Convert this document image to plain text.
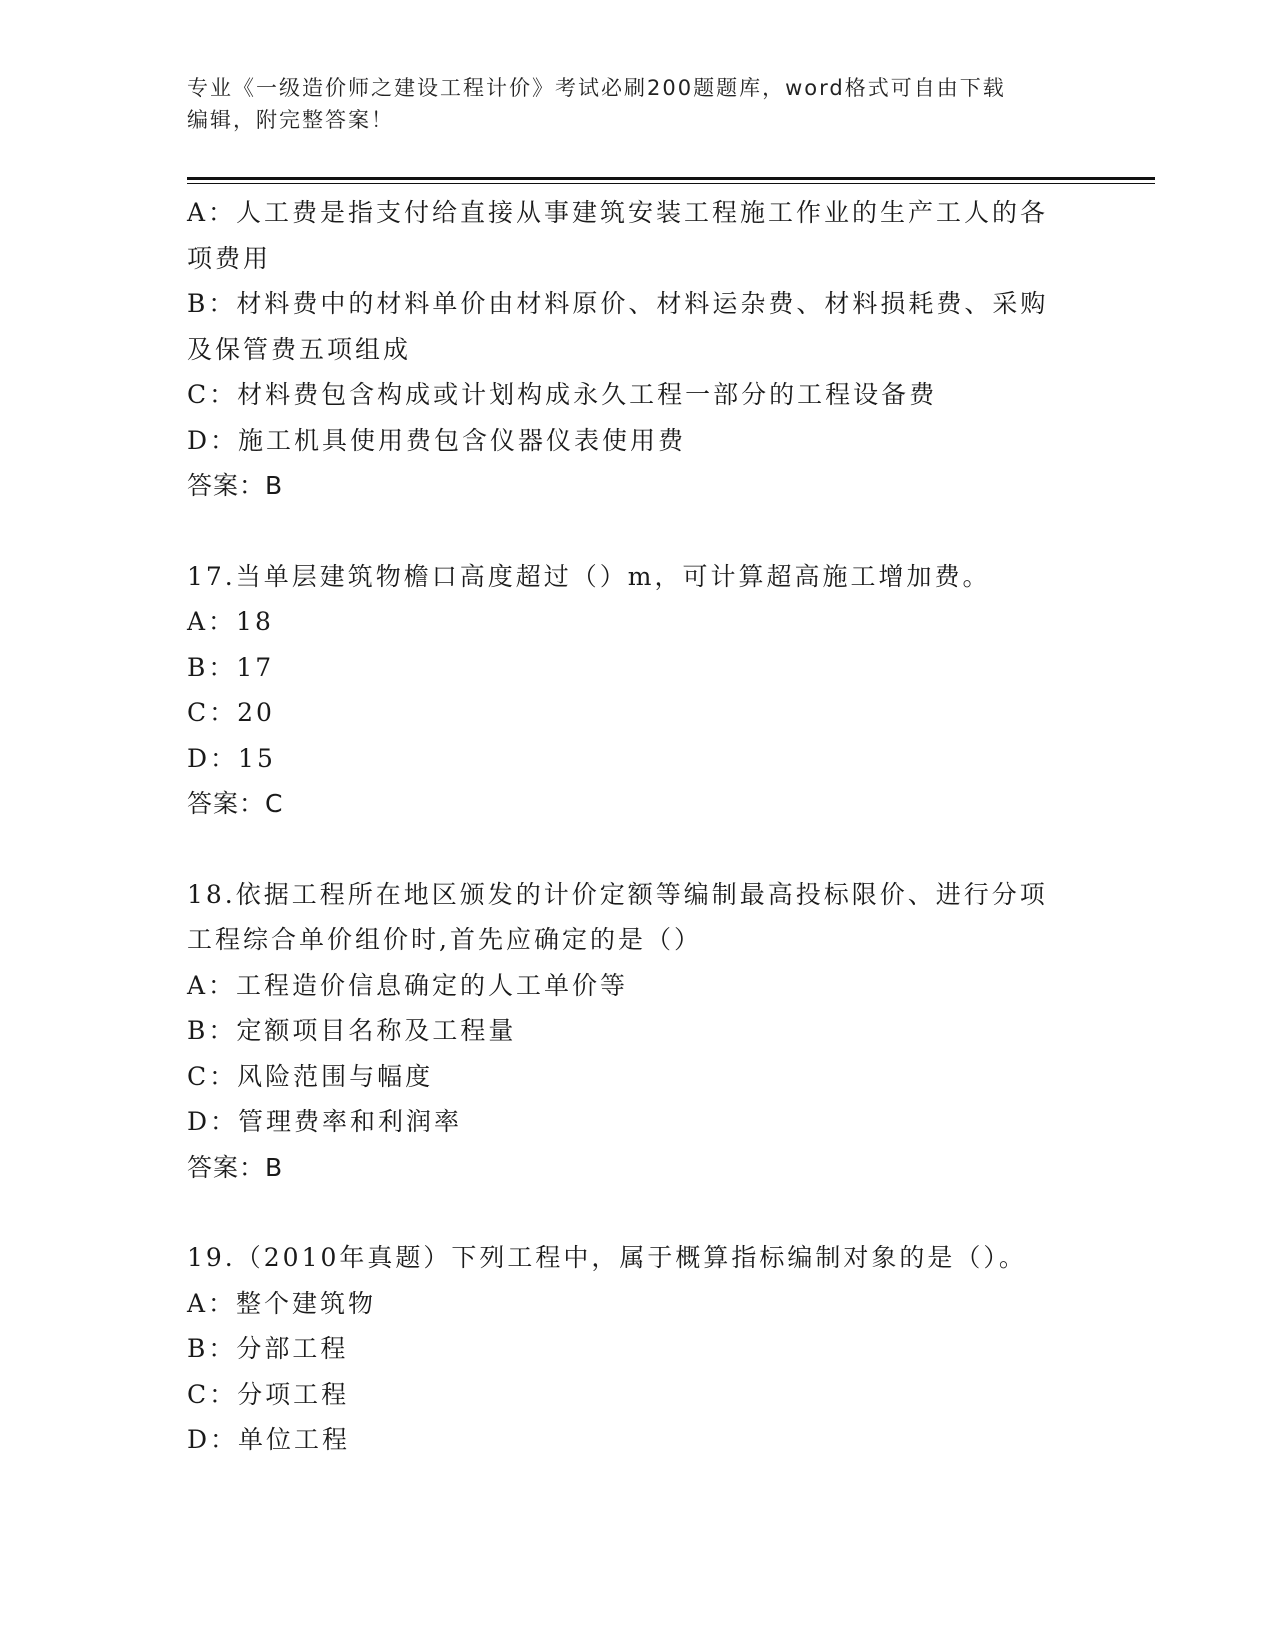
专业《一级造价师之建设工程计价》考试必刷200题题库，word格式可自由下载
编辑，附完整答案！
A：人工费是指支付给直接从事建筑安装工程施工作业的生产工人的各
项费用
B：材料费中的材料单价由材料原价、材料运杂费、材料损耗费、采购
及保管费五项组成
C：材料费包含构成或计划构成永久工程一部分的工程设备费
D：施工机具使用费包含仪器仪表使用费
答案：B
17.当单层建筑物檐口高度超过（）m，可计算超高施工增加费。
A：18
B：17
C：20
D：15
答案：C
18.依据工程所在地区颁发的计价定额等编制最高投标限价、进行分项
工程综合单价组价时,首先应确定的是（）
A：工程造价信息确定的人工单价等
B：定额项目名称及工程量
C：风险范围与幅度
D：管理费率和利润率
答案：B
19.（2010年真题）下列工程中，属于概算指标编制对象的是（）。
A：整个建筑物
B：分部工程
C：分项工程
D：单位工程
